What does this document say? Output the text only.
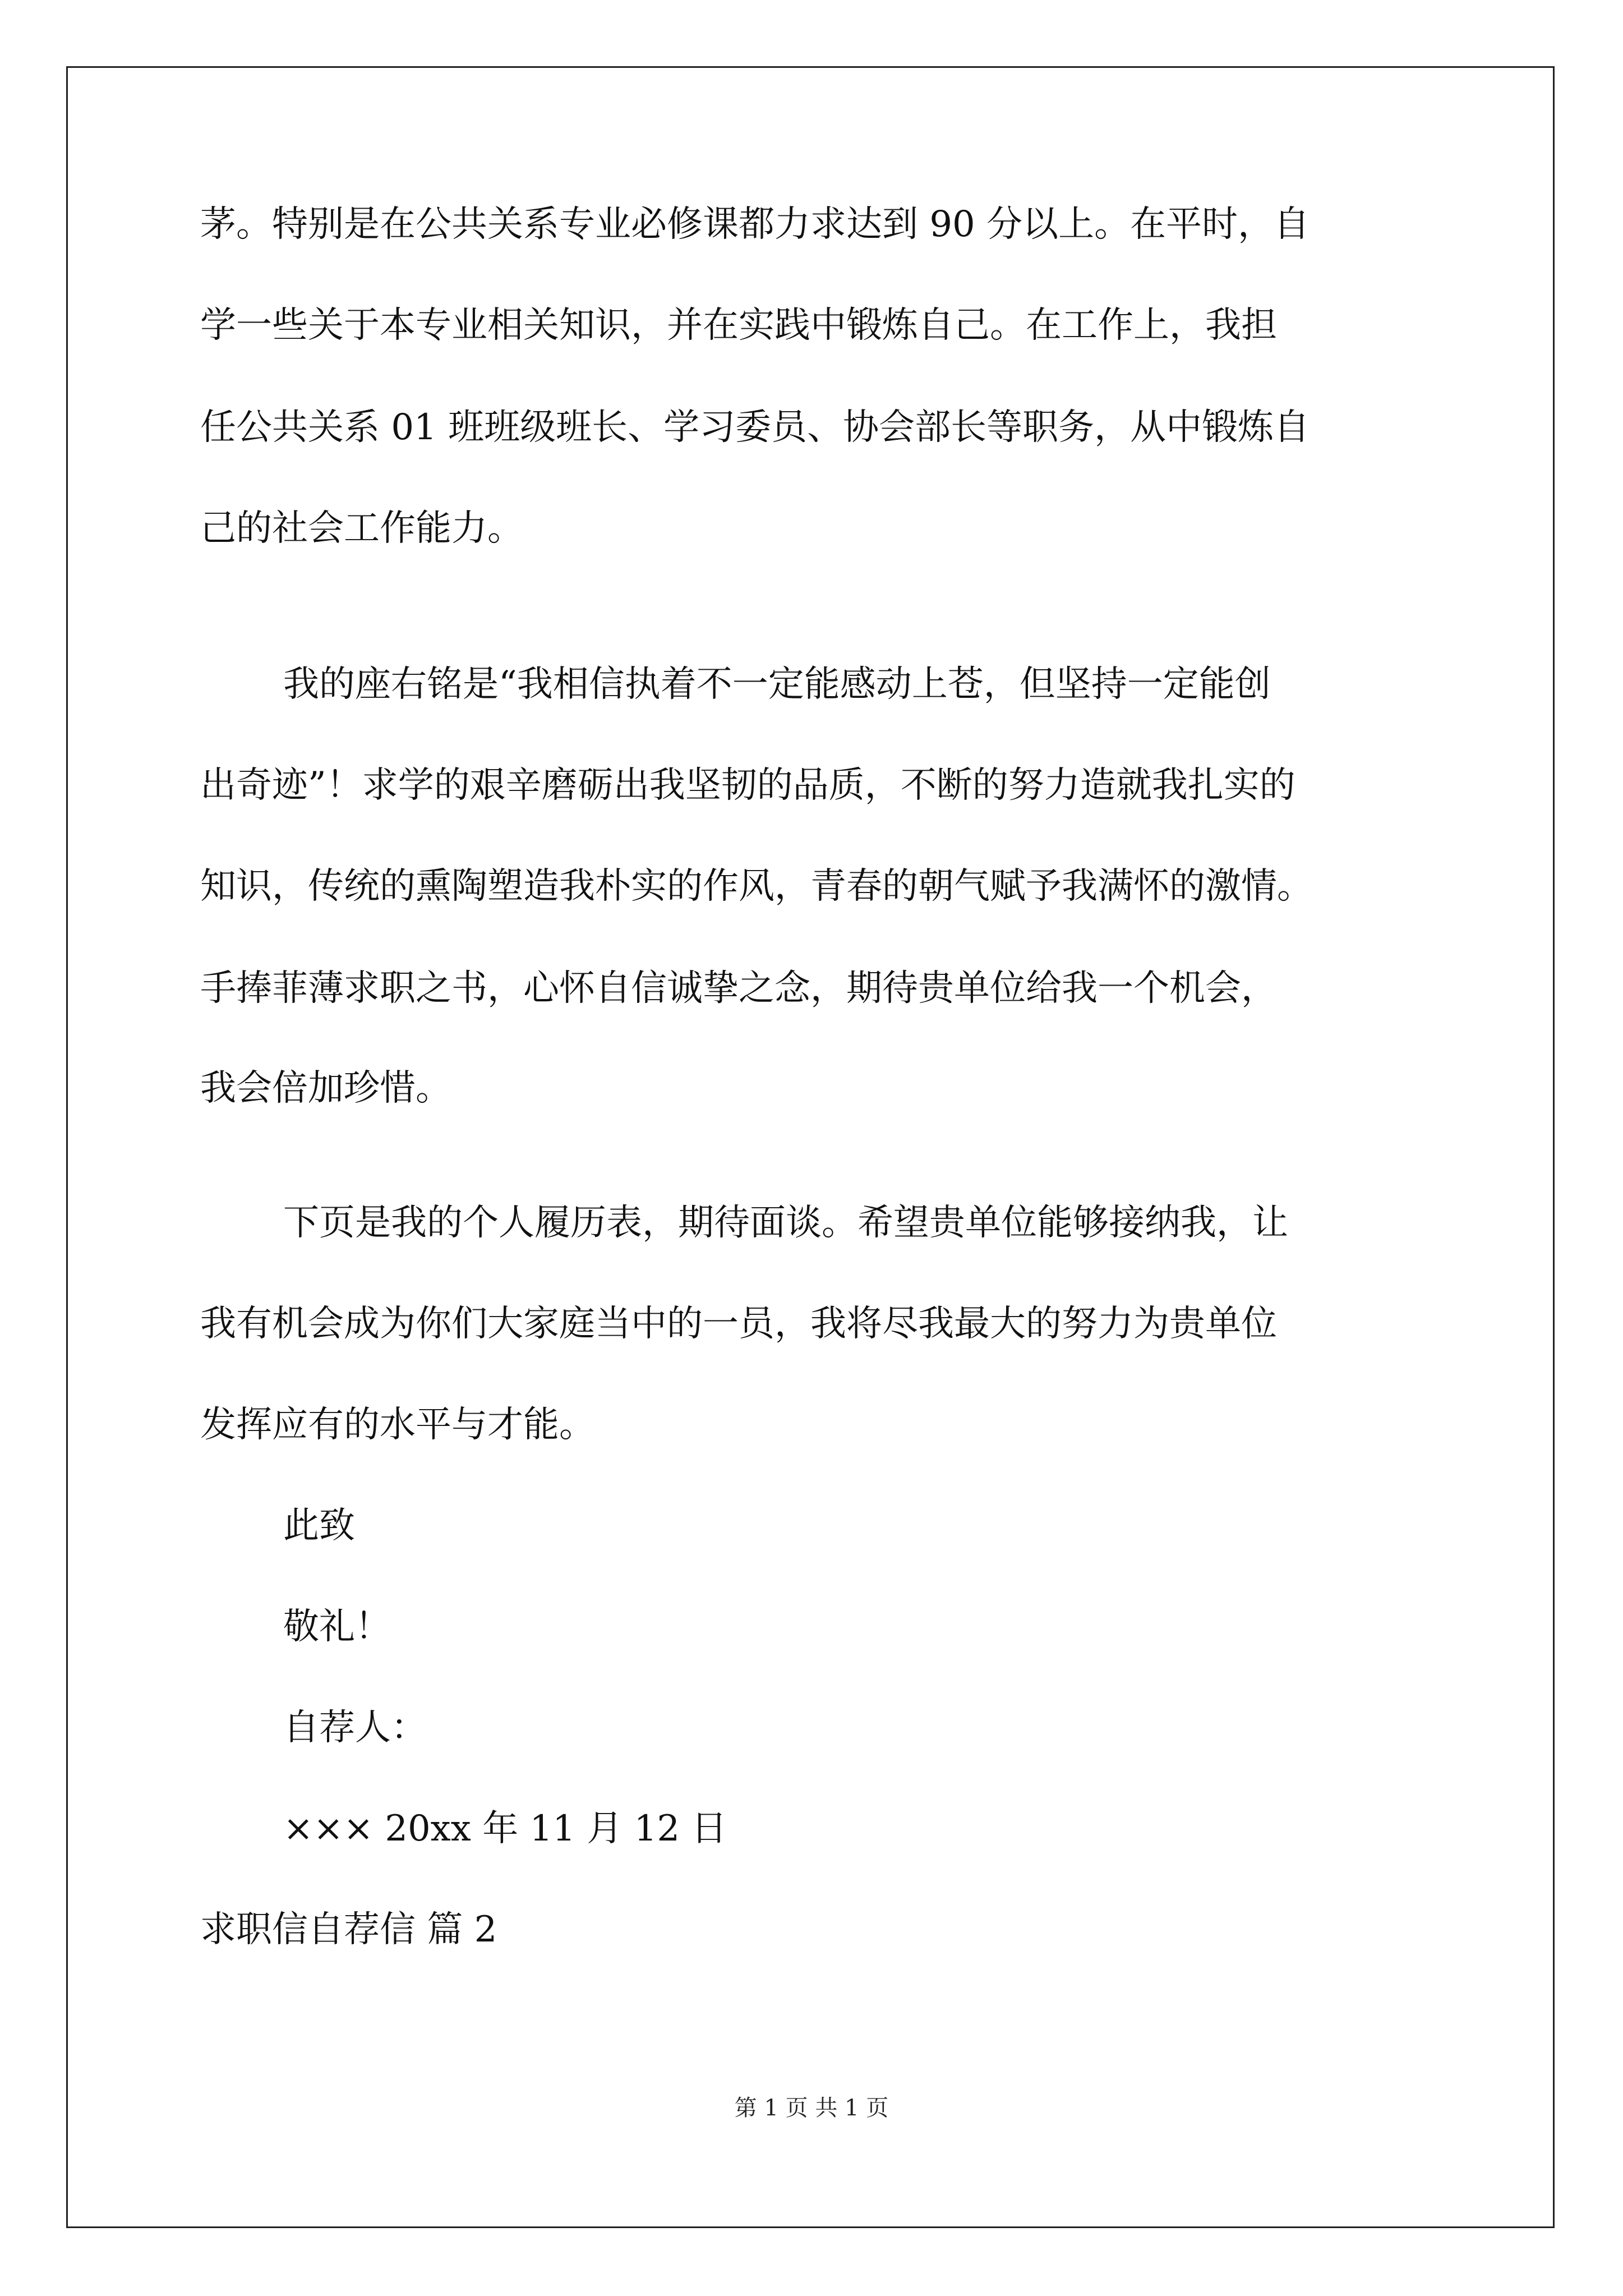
茅。特别是在公共关系专业必修课都力求达到 90 分以上。在平时，自
学一些关于本专业相关知识，并在实践中锻炼自己。在工作上，我担
任公共关系 01 班班级班长、学习委员、协会部长等职务，从中锻炼自
己的社会工作能力。
我的座右铭是“我相信执着不一定能感动上苍，但坚持一定能创
出奇迹”！求学的艰辛磨砺出我坚韧的品质，不断的努力造就我扎实的
知识，传统的熏陶塑造我朴实的作风，青春的朝气赋予我满怀的激情。
手捧菲薄求职之书，心怀自信诚挚之念，期待贵单位给我一个机会，
我会倍加珍惜。
下页是我的个人履历表，期待面谈。希望贵单位能够接纳我，让
我有机会成为你们大家庭当中的一员，我将尽我最大的努力为贵单位
发挥应有的水平与才能。
此致
敬礼！
自荐人：
××× 20xx 年 11 月 12 日
求职信自荐信 篇 2
第 1 页 共 1 页
